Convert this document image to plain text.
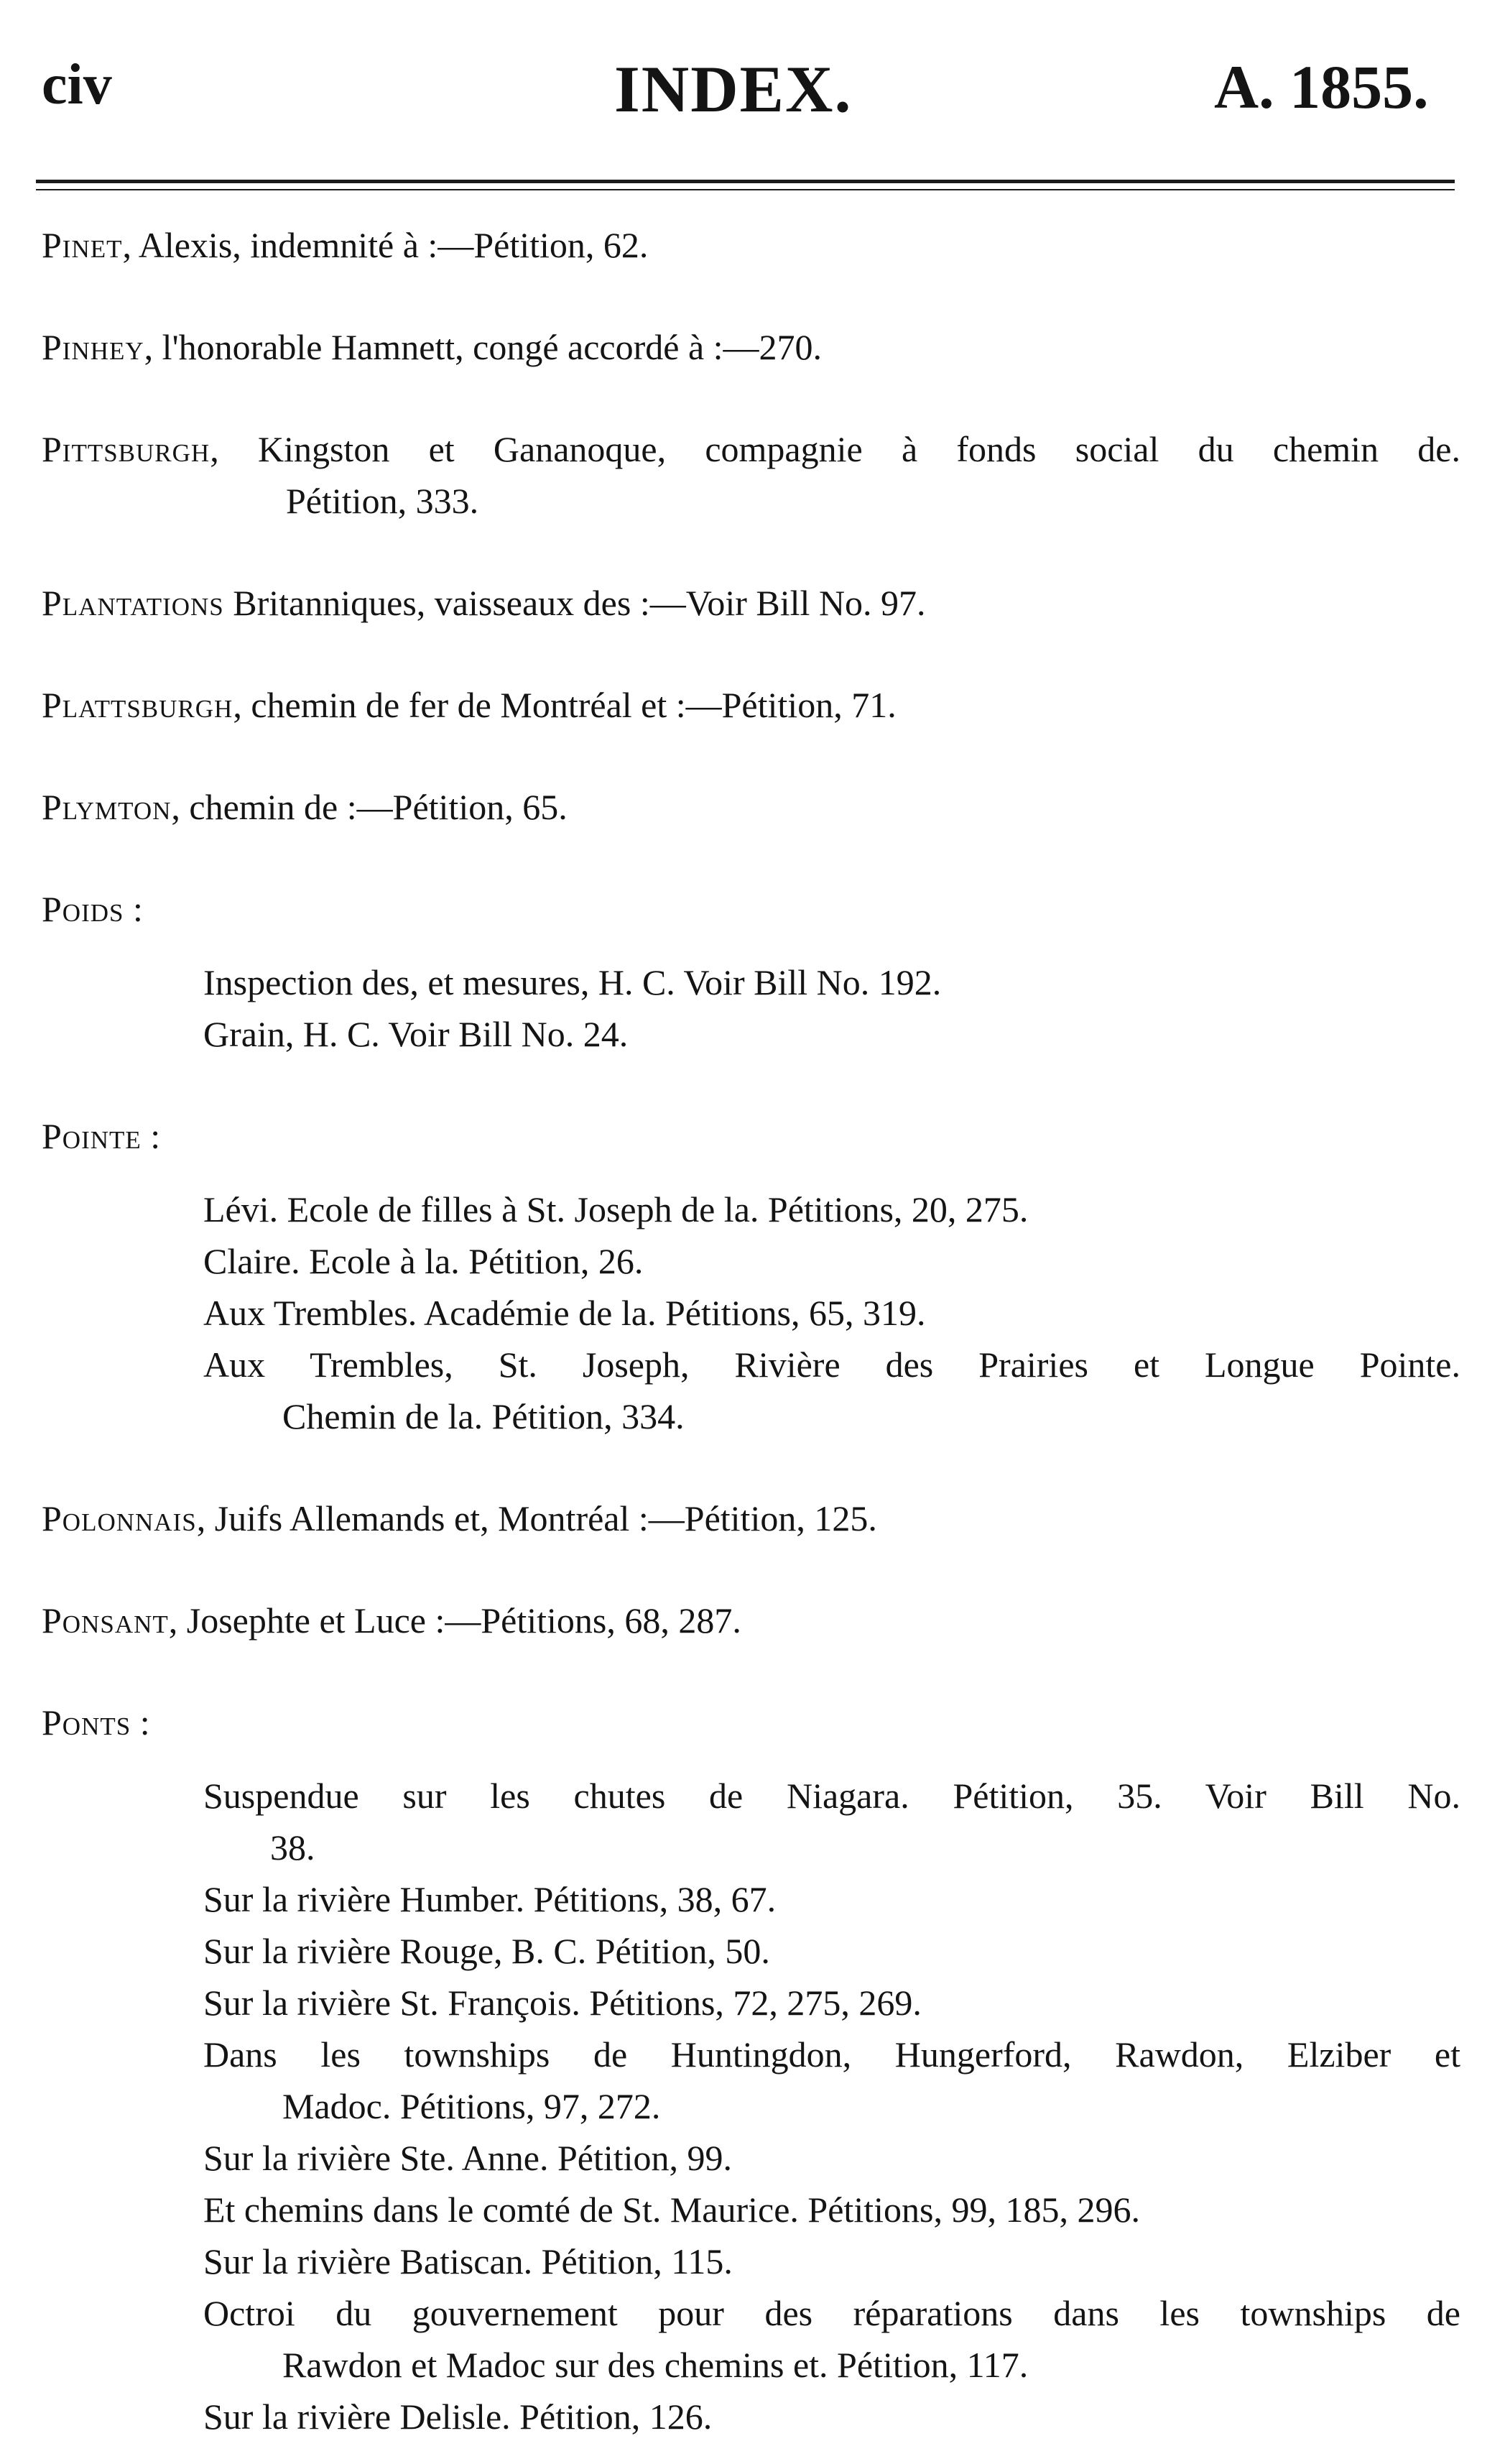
civ	INDEX.	A. 1855.

Pinet, Alexis, indemnité à :—Pétition, 62.

Pinhey, l'honorable Hamnett, congé accordé à :—270.

Pittsburgh, Kingston et Gananoque, compagnie à fonds social du chemin de.

Pétition, 333.

Plantations Britanniques, vaisseaux des :—Voir Bill No. 97.

Plattsburgh, chemin de fer de Montréal et :—Pétition, 71.

Plymton, chemin de :—Pétition, 65.

Poids :

Inspection des, et mesures, H. C. Voir Bill No. 192.

Grain, H. C. Voir Bill No. 24.

Pointe :

Lévi. Ecole de filles à St. Joseph de la. Pétitions, 20, 275.

Claire. Ecole à la. Pétition, 26.

Aux Trembles. Académie de la. Pétitions, 65, 319.

Aux Trembles, St. Joseph, Rivière des Prairies et Longue Pointe.

Chemin de la. Pétition, 334.

Polonnais, Juifs Allemands et, Montréal :—Pétition, 125.

Ponsant, Josephte et Luce :—Pétitions, 68, 287.

Ponts :

Suspendue sur les chutes de Niagara. Pétition, 35. Voir Bill No.

38.

Sur la rivière Humber. Pétitions, 38, 67.

Sur la rivière Rouge, B. C. Pétition, 50.

Sur la rivière St. François. Pétitions, 72, 275, 269.

Dans les townships de Huntingdon, Hungerford, Rawdon, Elziber et

Madoc. Pétitions, 97, 272.

Sur la rivière Ste. Anne. Pétition, 99.

Et chemins dans le comté de St. Maurice. Pétitions, 99, 185, 296.

Sur la rivière Batiscan. Pétition, 115.

Octroi du gouvernement pour des réparations dans les townships de

Rawdon et Madoc sur des chemins et. Pétition, 117.

Sur la rivière Delisle. Pétition, 126.
